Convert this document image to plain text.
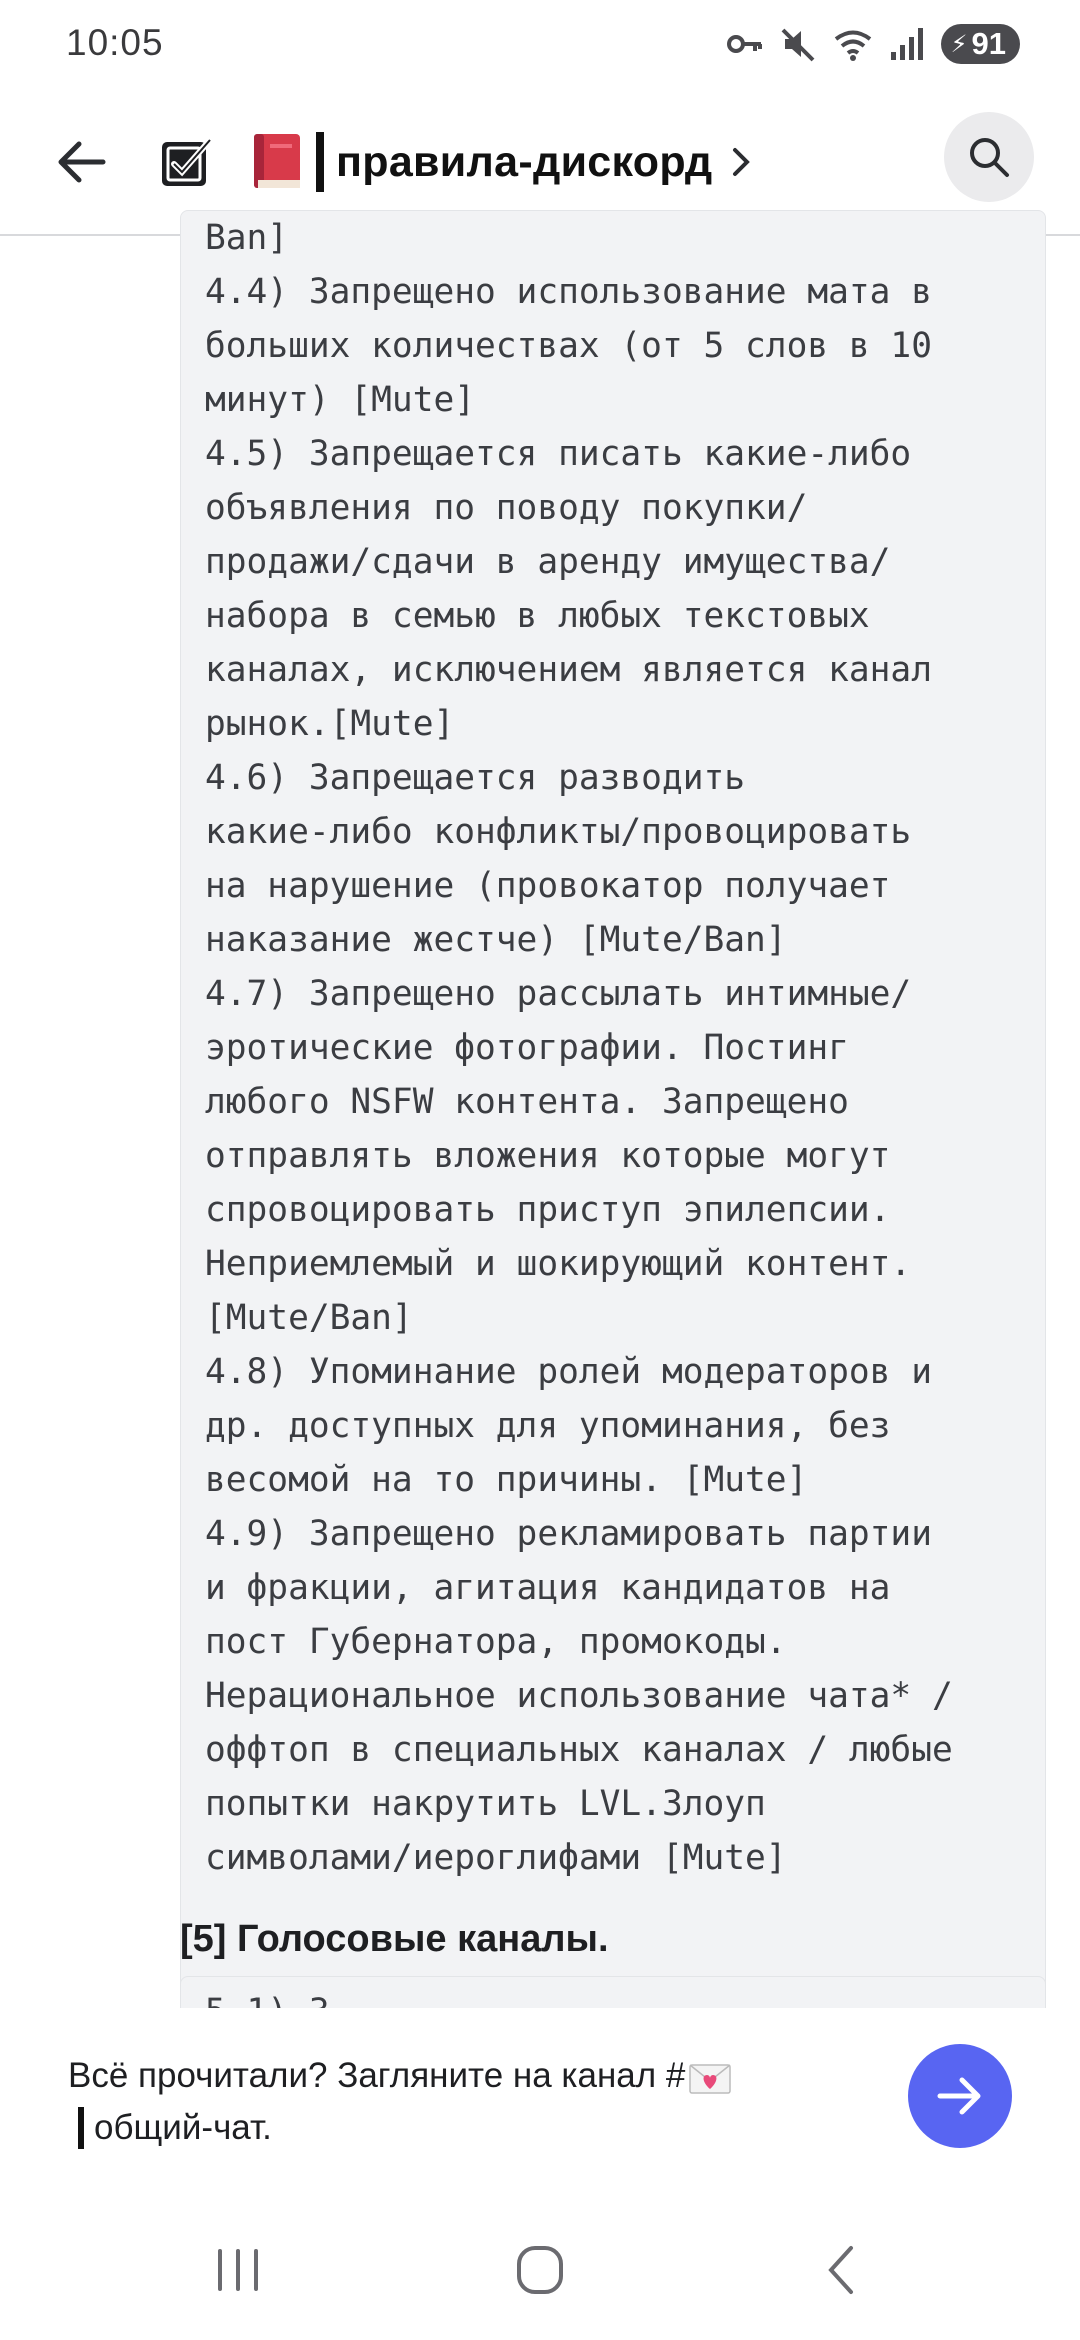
10:05	⚡ 91
правила-дискорд
Ban]
4.4) Запрещено использование мата в
больших количествах (от 5 слов в 10
минут) [Mute]
4.5) Запрещается писать какие-либо
объявления по поводу покупки/
продажи/сдачи в аренду имущества/
набора в семью в любых текстовых
каналах, исключением является канал
рынок.[Mute]
4.6) Запрещается разводить
какие-либо конфликты/провоцировать
на нарушение (провокатор получает
наказание жестче) [Mute/Ban]
4.7) Запрещено рассылать интимные/
эротические фотографии. Постинг
любого NSFW контента. Запрещено
отправлять вложения которые могут
спровоцировать приступ эпилепсии.
Неприемлемый и шокирующий контент.
[Mute/Ban]
4.8) Упоминание ролей модераторов и
др. доступных для упоминания, без
весомой на то причины. [Mute]
4.9) Запрещено рекламировать партии
и фракции, агитация кандидатов на
пост Губернатора, промокоды.
Нерациональное использование чата* /
оффтоп в специальных каналах / любые
попытки накрутить LVL.Злоуп
символами/иероглифами [Mute]
[5] Голосовые каналы.
Всё прочитали? Загляните на канал #
общий-чат.
